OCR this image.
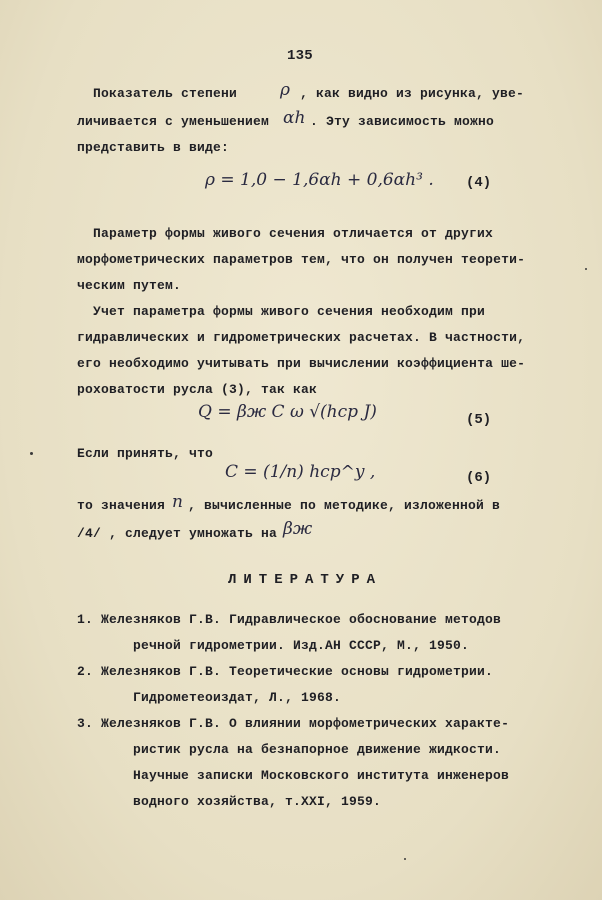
135
Показатель степени	ρ , как видно из рисунка, уве-
личивается с уменьшением αh . Эту зависимость можно
представить в виде:
ρ = 1,0 − 1,6αh + 0,6αh³ . (4)
Параметр формы живого сечения отличается от других
морфометрических параметров тем, что он получен теорети-
ческим путем.
Учет параметра формы живого сечения необходим при
гидравлических и гидрометрических расчетах. В частности,
его необходимо учитывать при вычислении коэффициента ше-
роховатости русла (3), так как
Q = βж C ω √(hср J)	(5)
Если принять, что
C = (1/n) hср^y ,	(6)
то значения n , вычисленные по методике, изложенной в
/4/ , следует умножать на βж
ЛИТЕРАТУРА
1. Железняков Г.В. Гидравлическое обоснование методов
речной гидрометрии. Изд.АН СССР, М., 1950.
2. Железняков Г.В. Теоретические основы гидрометрии.
Гидрометеоиздат, Л., 1968.
3. Железняков Г.В. О влиянии морфометрических характе-
ристик русла на безнапорное движение жидкости.
Научные записки Московского института инженеров
водного хозяйства, т.XXI, 1959.
